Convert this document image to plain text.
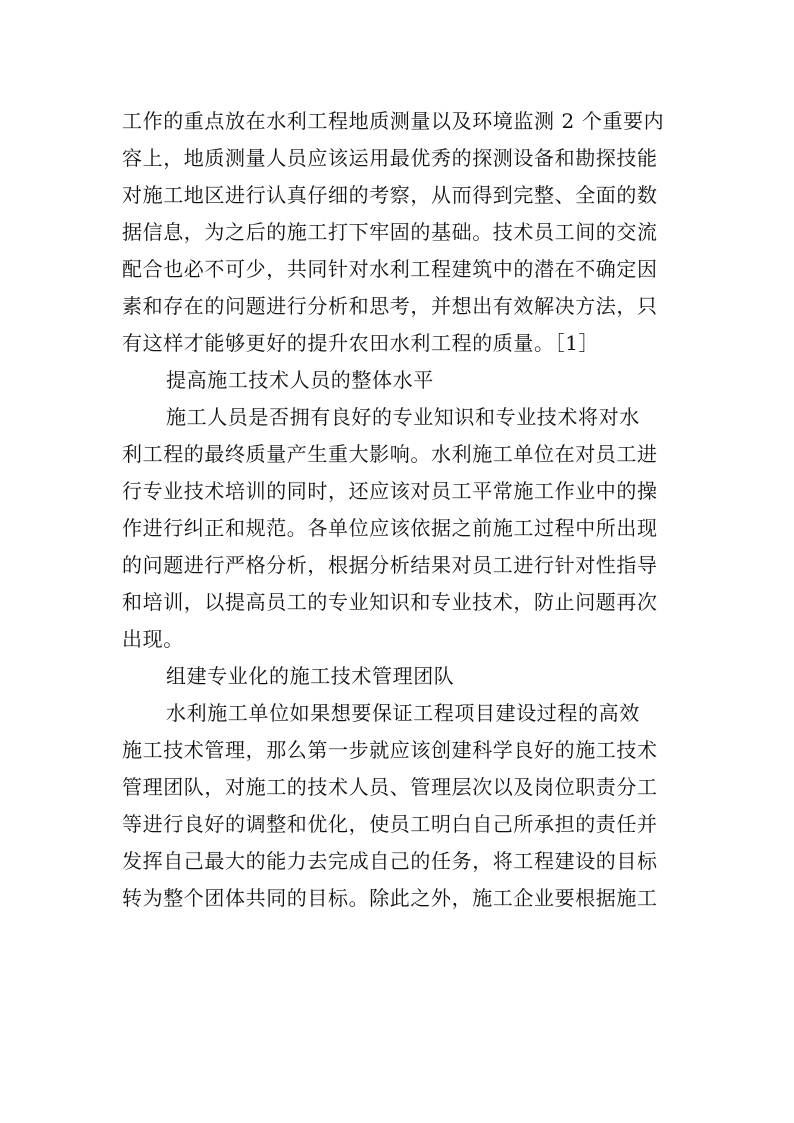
工作的重点放在水利工程地质测量以及环境监测 2 个重要内
容上，地质测量人员应该运用最优秀的探测设备和勘探技能
对施工地区进行认真仔细的考察，从而得到完整、全面的数
据信息，为之后的施工打下牢固的基础。技术员工间的交流
配合也必不可少，共同针对水利工程建筑中的潜在不确定因
素和存在的问题进行分析和思考，并想出有效解决方法，只
有这样才能够更好的提升农田水利工程的质量。［1］
提高施工技术人员的整体水平
施工人员是否拥有良好的专业知识和专业技术将对水
利工程的最终质量产生重大影响。水利施工单位在对员工进
行专业技术培训的同时，还应该对员工平常施工作业中的操
作进行纠正和规范。各单位应该依据之前施工过程中所出现
的问题进行严格分析，根据分析结果对员工进行针对性指导
和培训，以提高员工的专业知识和专业技术，防止问题再次
出现。
组建专业化的施工技术管理团队
水利施工单位如果想要保证工程项目建设过程的高效
施工技术管理，那么第一步就应该创建科学良好的施工技术
管理团队，对施工的技术人员、管理层次以及岗位职责分工
等进行良好的调整和优化，使员工明白自己所承担的责任并
发挥自己最大的能力去完成自己的任务，将工程建设的目标
转为整个团体共同的目标。除此之外，施工企业要根据施工
